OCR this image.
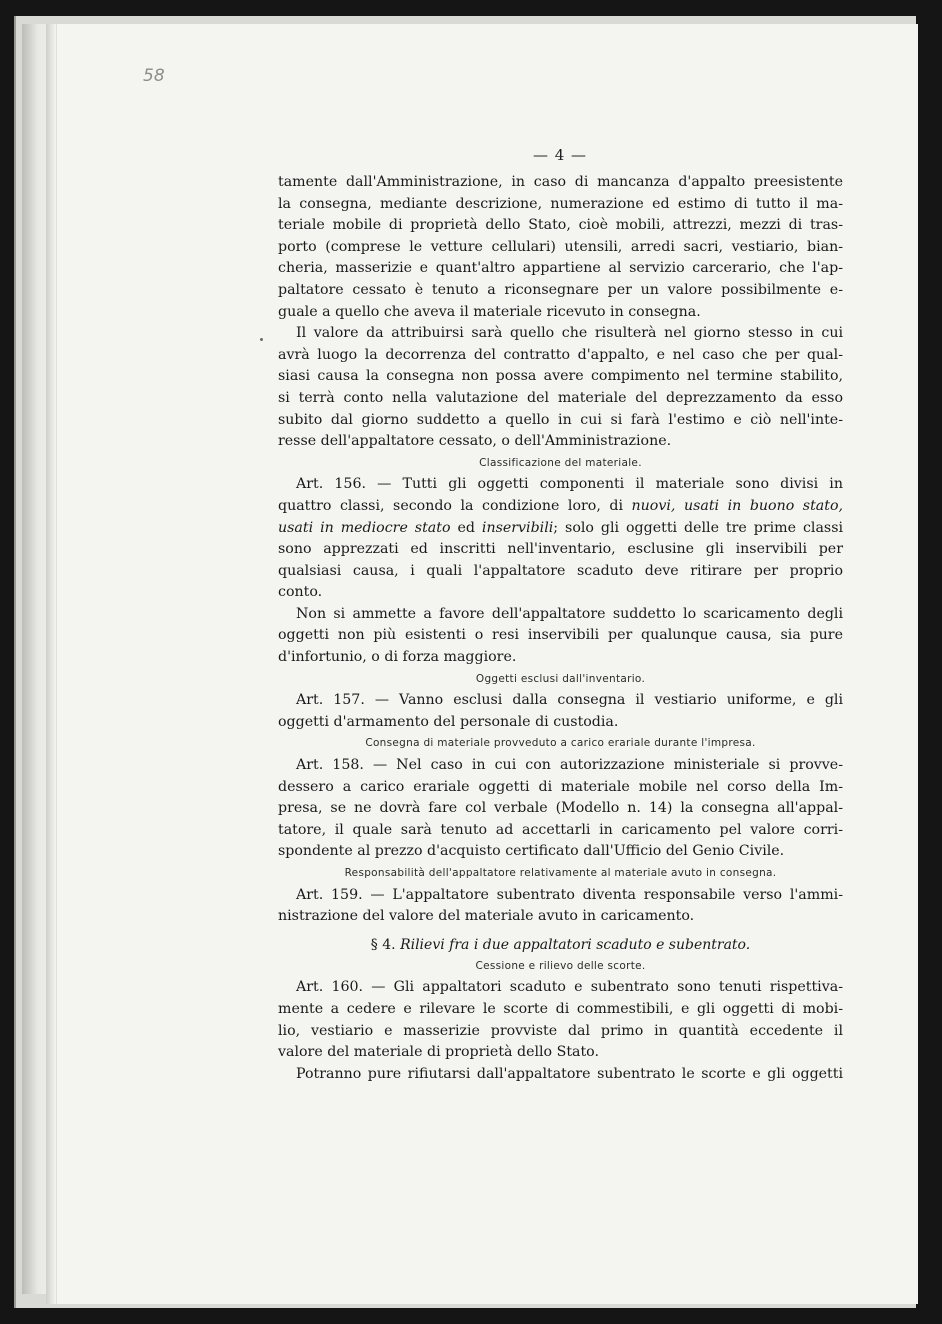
58
— 4 —
tamente dall'Amministrazione, in caso di mancanza d'appalto preesistente
la consegna, mediante descrizione, numerazione ed estimo di tutto il ma-
teriale mobile di proprietà dello Stato, cioè mobili, attrezzi, mezzi di tras-
porto (comprese le vetture cellulari) utensili, arredi sacri, vestiario, bian-
cheria, masserizie e quant'altro appartiene al servizio carcerario, che l'ap-
paltatore cessato è tenuto a riconsegnare per un valore possibilmente e-
guale a quello che aveva il materiale ricevuto in consegna.
Il valore da attribuirsi sarà quello che risulterà nel giorno stesso in cui
avrà luogo la decorrenza del contratto d'appalto, e nel caso che per qual-
siasi causa la consegna non possa avere compimento nel termine stabilito,
si terrà conto nella valutazione del materiale del deprezzamento da esso
subito dal giorno suddetto a quello in cui si farà l'estimo e ciò nell'inte-
resse dell'appaltatore cessato, o dell'Amministrazione.
Classificazione del materiale.
Art. 156. — Tutti gli oggetti componenti il materiale sono divisi in
quattro classi, secondo la condizione loro, di nuovi, usati in buono stato,
usati in mediocre stato ed inservibili; solo gli oggetti delle tre prime classi
sono apprezzati ed inscritti nell'inventario, esclusine gli inservibili per
qualsiasi causa, i quali l'appaltatore scaduto deve ritirare per proprio
conto.
Non si ammette a favore dell'appaltatore suddetto lo scaricamento degli
oggetti non più esistenti o resi inservibili per qualunque causa, sia pure
d'infortunio, o di forza maggiore.
Oggetti esclusi dall'inventario.
Art. 157. — Vanno esclusi dalla consegna il vestiario uniforme, e gli
oggetti d'armamento del personale di custodia.
Consegna di materiale provveduto a carico erariale durante l'impresa.
Art. 158. — Nel caso in cui con autorizzazione ministeriale si provve-
dessero a carico erariale oggetti di materiale mobile nel corso della Im-
presa, se ne dovrà fare col verbale (Modello n. 14) la consegna all'appal-
tatore, il quale sarà tenuto ad accettarli in caricamento pel valore corri-
spondente al prezzo d'acquisto certificato dall'Ufficio del Genio Civile.
Responsabilità dell'appaltatore relativamente al materiale avuto in consegna.
Art. 159. — L'appaltatore subentrato diventa responsabile verso l'ammi-
nistrazione del valore del materiale avuto in caricamento.
§ 4. Rilievi fra i due appaltatori scaduto e subentrato.
Cessione e rilievo delle scorte.
Art. 160. — Gli appaltatori scaduto e subentrato sono tenuti rispettiva-
mente a cedere e rilevare le scorte di commestibili, e gli oggetti di mobi-
lio, vestiario e masserizie provviste dal primo in quantità eccedente il
valore del materiale di proprietà dello Stato.
Potranno pure rifiutarsi dall'appaltatore subentrato le scorte e gli oggetti
